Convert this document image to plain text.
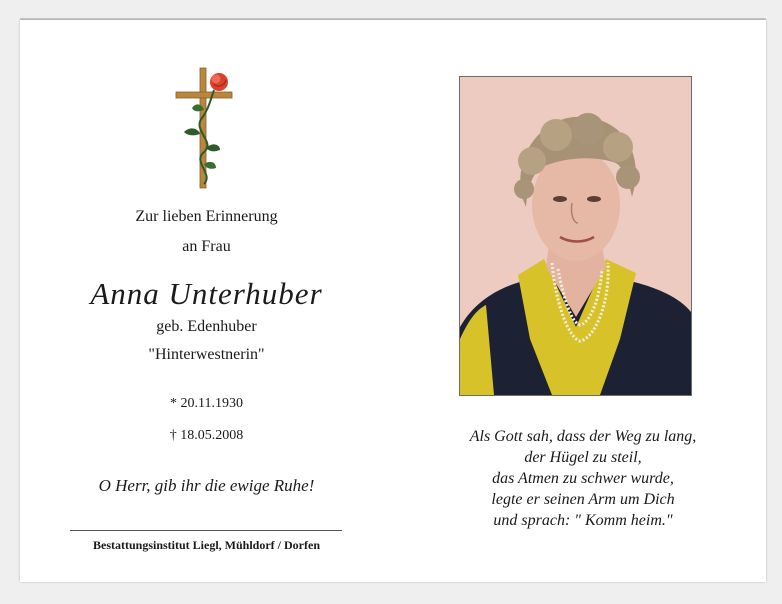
Zur lieben Erinnerung

an Frau

Anna Unterhuber

geb. Edenhuber

"Hinterwestnerin"

* 20.11.1930

† 18.05.2008

O Herr, gib ihr die ewige Ruhe!

Bestattungsinstitut Liegl, Mühldorf / Dorfen

Als Gott sah, dass der Weg zu lang,
der Hügel zu steil,
das Atmen zu schwer wurde,
legte er seinen Arm um Dich
und sprach: " Komm heim."
